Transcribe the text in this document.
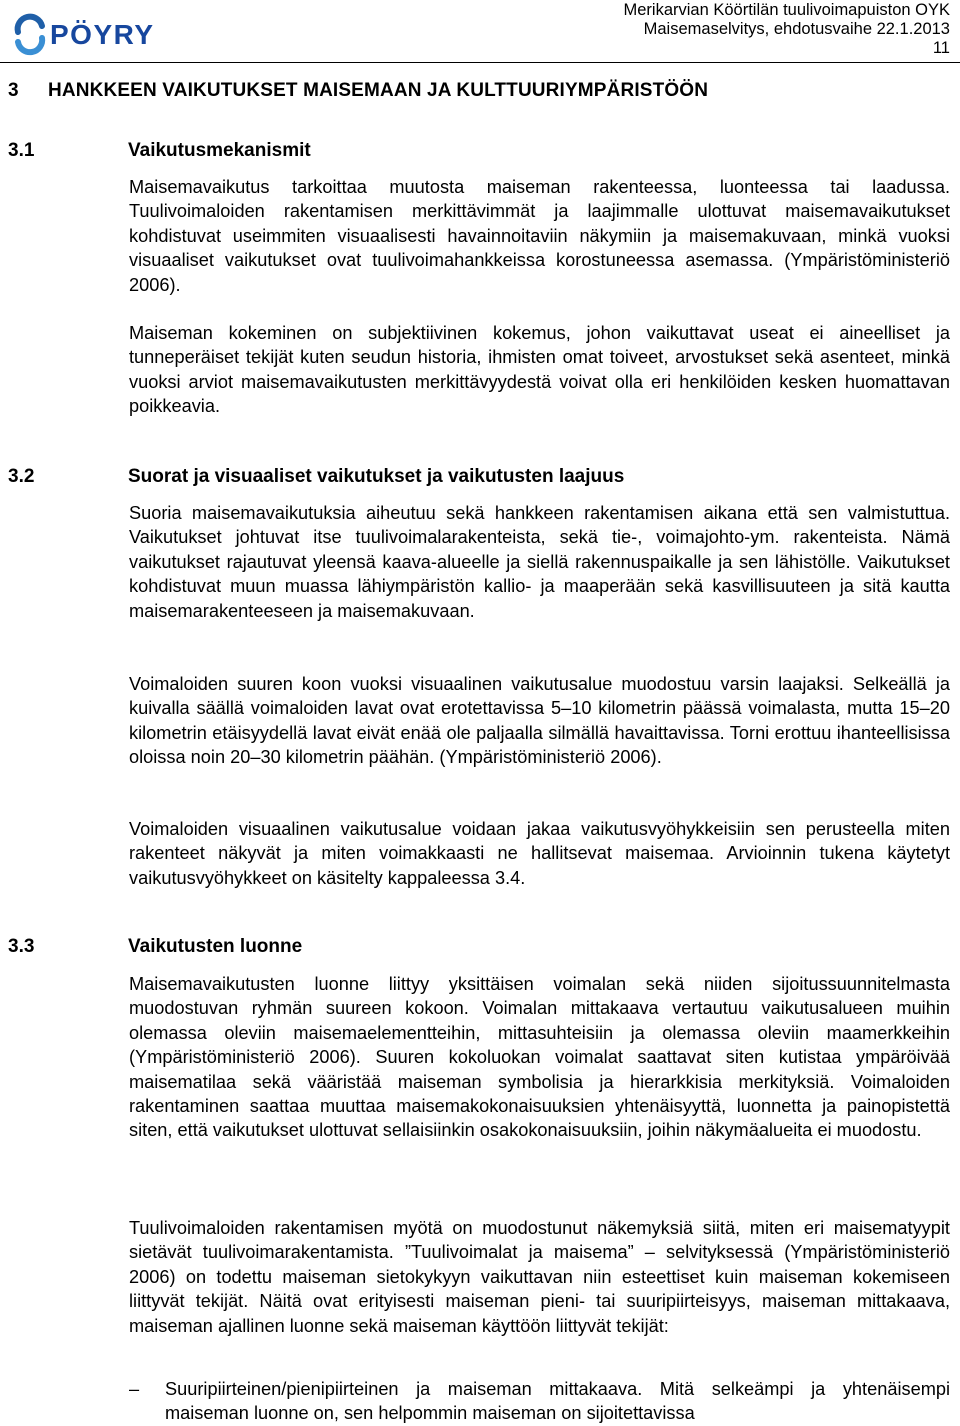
PÖYRY
Merikarvian Köörtilän tuulivoimapuiston OYK
Maisemaselvitys, ehdotusvaihe 22.1.2013
11
3 HANKKEEN VAIKUTUKSET MAISEMAAN JA KULTTUURIYMPÄRISTÖÖN
3.1	Vaikutusmekanismit
Maisemavaikutus tarkoittaa muutosta maiseman rakenteessa, luonteessa tai laadussa. Tuulivoimaloiden rakentamisen merkittävimmät ja laajimmalle ulottuvat maisemavaikutukset kohdistuvat useimmiten visuaalisesti havainnoitaviin näkymiin ja maisemakuvaan, minkä vuoksi visuaaliset vaikutukset ovat tuulivoimahankkeissa korostuneessa asemassa. (Ympäristöministeriö 2006).
Maiseman kokeminen on subjektiivinen kokemus, johon vaikuttavat useat ei aineelliset ja tunneperäiset tekijät kuten seudun historia, ihmisten omat toiveet, arvostukset sekä asenteet, minkä vuoksi arviot maisemavaikutusten merkittävyydestä voivat olla eri henkilöiden kesken huomattavan poikkeavia.
3.2	Suorat ja visuaaliset vaikutukset ja vaikutusten laajuus
Suoria maisemavaikutuksia aiheutuu sekä hankkeen rakentamisen aikana että sen valmistuttua. Vaikutukset johtuvat itse tuulivoimalarakenteista, sekä tie-, voimajohto-ym. rakenteista. Nämä vaikutukset rajautuvat yleensä kaava-alueelle ja siellä rakennuspaikalle ja sen lähistölle. Vaikutukset kohdistuvat muun muassa lähiympäristön kallio- ja maaperään sekä kasvillisuuteen ja sitä kautta maisemarakenteeseen ja maisemakuvaan.
Voimaloiden suuren koon vuoksi visuaalinen vaikutusalue muodostuu varsin laajaksi. Selkeällä ja kuivalla säällä voimaloiden lavat ovat erotettavissa 5–10 kilometrin päässä voimalasta, mutta 15–20 kilometrin etäisyydellä lavat eivät enää ole paljaalla silmällä havaittavissa. Torni erottuu ihanteellisissa oloissa noin 20–30 kilometrin päähän. (Ympäristöministeriö 2006).
Voimaloiden visuaalinen vaikutusalue voidaan jakaa vaikutusvyöhykkeisiin sen perusteella miten rakenteet näkyvät ja miten voimakkaasti ne hallitsevat maisemaa. Arvioinnin tukena käytetyt vaikutusvyöhykkeet on käsitelty kappaleessa 3.4.
3.3	Vaikutusten luonne
Maisemavaikutusten luonne liittyy yksittäisen voimalan sekä niiden sijoitussuunnitelmasta muodostuvan ryhmän suureen kokoon. Voimalan mittakaava vertautuu vaikutusalueen muihin olemassa oleviin maisemaelementteihin, mittasuhteisiin ja olemassa oleviin maamerkkeihin (Ympäristöministeriö 2006). Suuren kokoluokan voimalat saattavat siten kutistaa ympäröivää maisematilaa sekä vääristää maiseman symbolisia ja hierarkkisia merkityksiä. Voimaloiden rakentaminen saattaa muuttaa maisemakokonaisuuksien yhtenäisyyttä, luonnetta ja painopistettä siten, että vaikutukset ulottuvat sellaisiinkin osakokonaisuuksiin, joihin näkymäalueita ei muodostu.
Tuulivoimaloiden rakentamisen myötä on muodostunut näkemyksiä siitä, miten eri maisematyypit sietävät tuulivoimarakentamista. ”Tuulivoimalat ja maisema” – selvityksessä (Ympäristöministeriö 2006) on todettu maiseman sietokykyyn vaikuttavan niin esteettiset kuin maiseman kokemiseen liittyvät tekijät. Näitä ovat erityisesti maiseman pieni- tai suuripiirteisyys, maiseman mittakaava, maiseman ajallinen luonne sekä maiseman käyttöön liittyvät tekijät:
– Suuripiirteinen/pienipiirteinen ja maiseman mittakaava. Mitä selkeämpi ja yhtenäisempi maiseman luonne on, sen helpommin maiseman on sijoitettavissa
